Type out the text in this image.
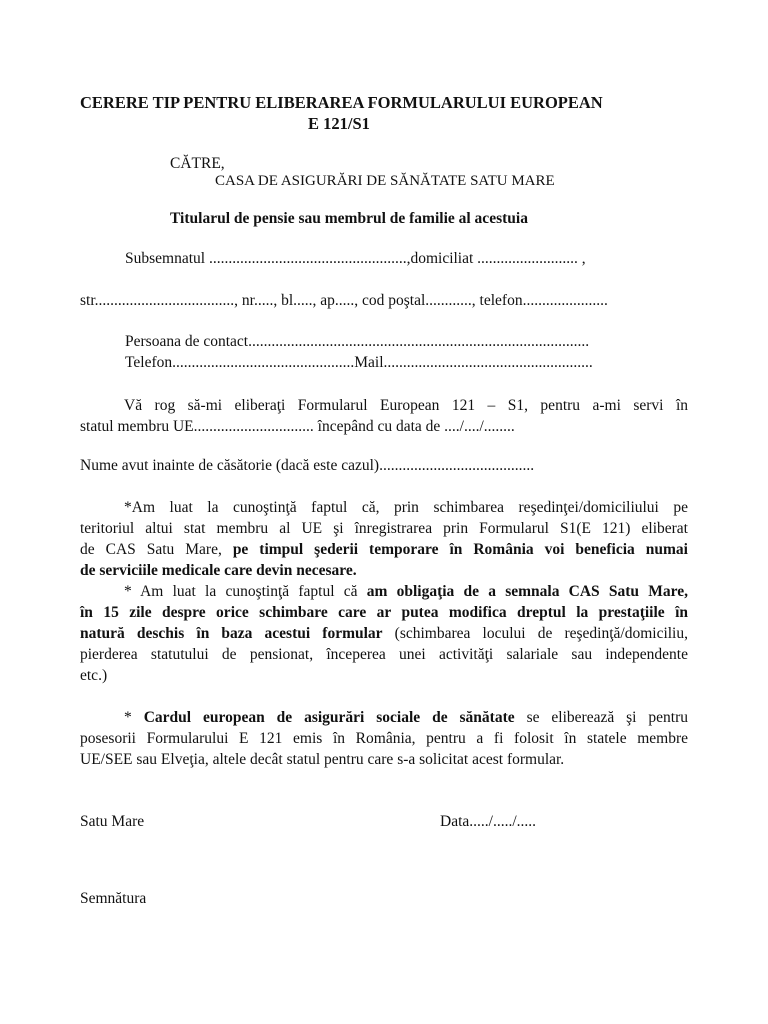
CERERE TIP PENTRU ELIBERAREA FORMULARULUI EUROPEAN
E 121/S1
CĂTRE,
CASA DE ASIGURĂRI DE SĂNĂTATE SATU MARE
Titularul de pensie sau membrul de familie al acestuia
Subsemnatul ...................................................,domiciliat .......................... ,
str...................................., nr....., bl....., ap....., cod poştal............, telefon......................
Persoana de contact........................................................................................
Telefon...............................................Mail......................................................
Vă rog să-mi eliberaţi Formularul European 121 – S1, pentru a-mi servi în
statul membru UE............................... începând cu data de ..../..../........
Nume avut inainte de căsătorie (dacă este cazul)........................................
*Am luat la cunoştinţă faptul că, prin schimbarea reşedinţei/domiciliului pe
teritoriul altui stat membru al UE şi înregistrarea prin Formularul S1(E 121) eliberat
de CAS Satu Mare, pe timpul şederii temporare în România voi beneficia numai
de serviciile medicale care devin necesare.
* Am luat la cunoştinţă faptul că am obligaţia de a semnala CAS Satu Mare,
în 15 zile despre orice schimbare care ar putea modifica dreptul la prestaţiile în
natură deschis în baza acestui formular (schimbarea locului de reşedinţă/domiciliu,
pierderea statutului de pensionat, începerea unei activităţi salariale sau independente
etc.)
* Cardul european de asigurări sociale de sănătate se eliberează şi pentru
posesorii Formularului E 121 emis în România, pentru a fi folosit în statele membre
UE/SEE sau Elveţia, altele decât statul pentru care s-a solicitat acest formular.
Satu Mare	Data...../...../.....
Semnătura
